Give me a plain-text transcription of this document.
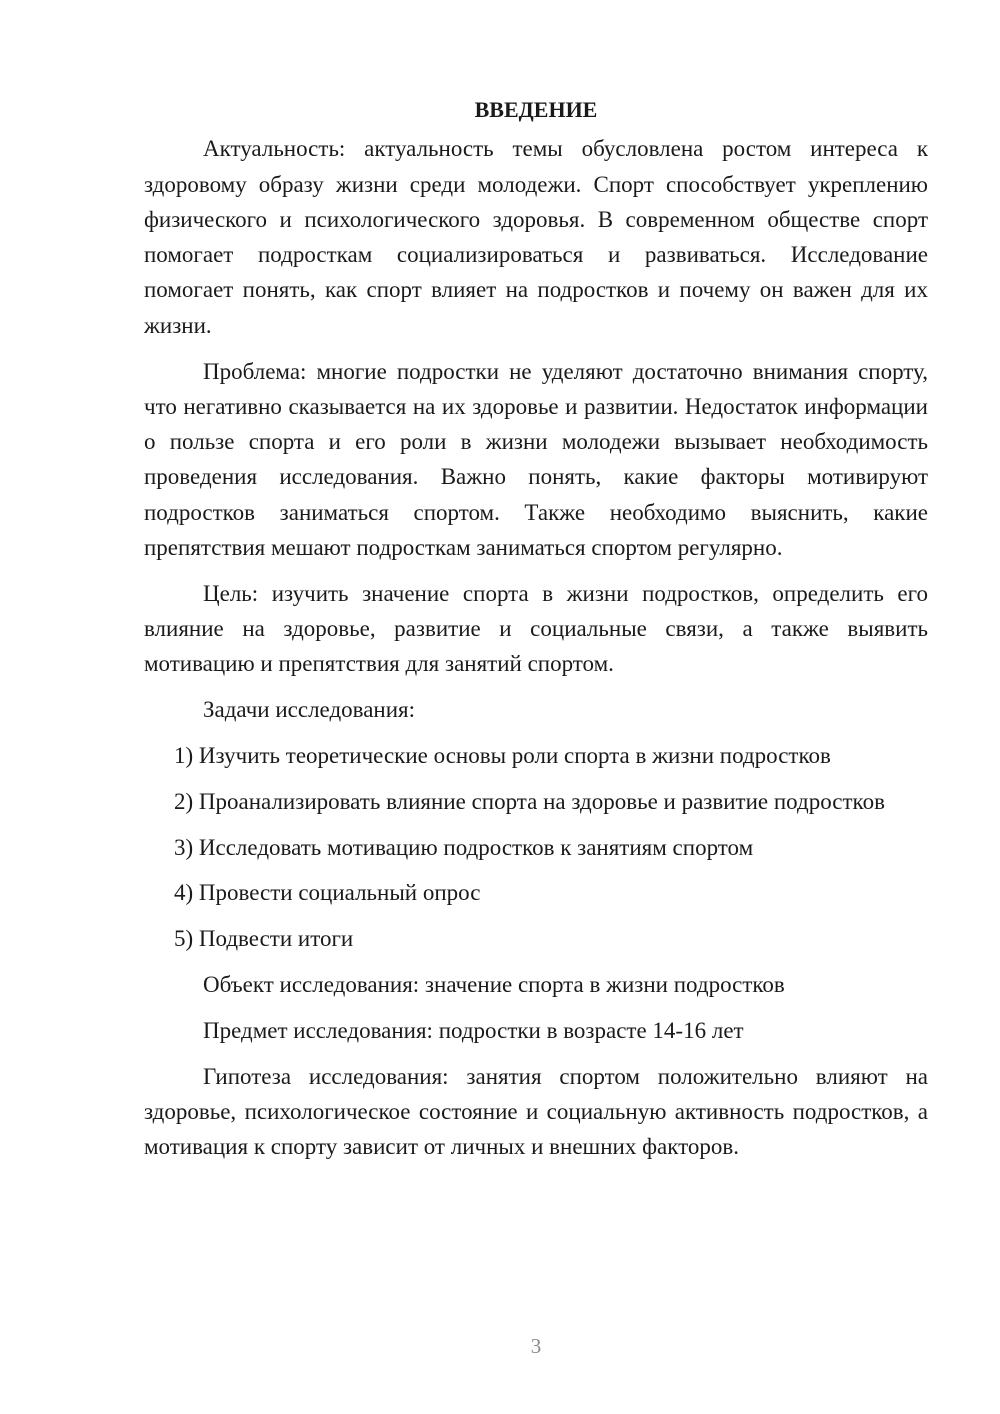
ВВЕДЕНИЕ

Актуальность: актуальность темы обусловлена ростом интереса к здоровому образу жизни среди молодежи. Спорт способствует укреплению физического и психологического здоровья. В современном обществе спорт помогает подросткам социализироваться и развиваться. Исследование помогает понять, как спорт влияет на подростков и почему он важен для их жизни.

Проблема: многие подростки не уделяют достаточно внимания спорту, что негативно сказывается на их здоровье и развитии. Недостаток информации о пользе спорта и его роли в жизни молодежи вызывает необходимость проведения исследования. Важно понять, какие факторы мотивируют подростков заниматься спортом. Также необходимо выяснить, какие препятствия мешают подросткам заниматься спортом регулярно.

Цель: изучить значение спорта в жизни подростков, определить его влияние на здоровье, развитие и социальные связи, а также выявить мотивацию и препятствия для занятий спортом.

Задачи исследования:

1) Изучить теоретические основы роли спорта в жизни подростков

2) Проанализировать влияние спорта на здоровье и развитие подростков

3) Исследовать мотивацию подростков к занятиям спортом

4) Провести социальный опрос

5) Подвести итоги

Объект исследования: значение спорта в жизни подростков

Предмет исследования: подростки в возрасте 14-16 лет

Гипотеза исследования: занятия спортом положительно влияют на здоровье, психологическое состояние и социальную активность подростков, а мотивация к спорту зависит от личных и внешних факторов.

3
